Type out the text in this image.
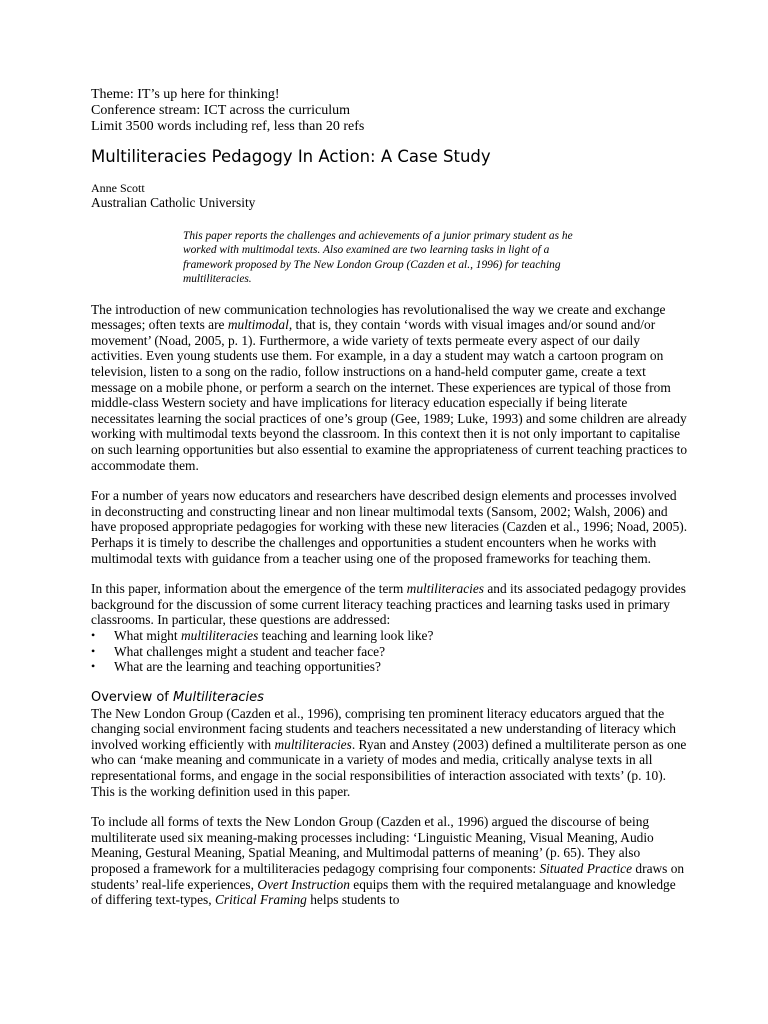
Theme: IT’s up here for thinking!
Conference stream: ICT across the curriculum
Limit 3500 words including ref, less than 20 refs
Multiliteracies Pedagogy In Action: A Case Study
Anne Scott
Australian Catholic University
This paper reports the challenges and achievements of a junior primary student as he worked with multimodal texts. Also examined are two learning tasks in light of a framework proposed by The New London Group (Cazden et al., 1996) for teaching multiliteracies.

The introduction of new communication technologies has revolutionalised the way we create and exchange messages; often texts are multimodal, that is, they contain ‘words with visual images and/or sound and/or movement’ (Noad, 2005, p. 1). Furthermore, a wide variety of texts permeate every aspect of our daily activities. Even young students use them. For example, in a day a student may watch a cartoon program on television, listen to a song on the radio, follow instructions on a hand-held computer game, create a text message on a mobile phone, or perform a search on the internet. These experiences are typical of those from middle-class Western society and have implications for literacy education especially if being literate necessitates learning the social practices of one’s group (Gee, 1989; Luke, 1993) and some children are already working with multimodal texts beyond the classroom. In this context then it is not only important to capitalise on such learning opportunities but also essential to examine the appropriateness of current teaching practices to accommodate them.

For a number of years now educators and researchers have described design elements and processes involved in deconstructing and constructing linear and non linear multimodal texts (Sansom, 2002; Walsh, 2006) and have proposed appropriate pedagogies for working with these new literacies (Cazden et al., 1996; Noad, 2005). Perhaps it is timely to describe the challenges and opportunities a student encounters when he works with multimodal texts with guidance from a teacher using one of the proposed frameworks for teaching them.

In this paper, information about the emergence of the term multiliteracies and its associated pedagogy provides background for the discussion of some current literacy teaching practices and learning tasks used in primary classrooms. In particular, these questions are addressed:

• What might multiliteracies teaching and learning look like?
• What challenges might a student and teacher face?
• What are the learning and teaching opportunities?
Overview of Multiliteracies

The New London Group (Cazden et al., 1996), comprising ten prominent literacy educators argued that the changing social environment facing students and teachers necessitated a new understanding of literacy which involved working efficiently with multiliteracies. Ryan and Anstey (2003) defined a multiliterate person as one who can ‘make meaning and communicate in a variety of modes and media, critically analyse texts in all representational forms, and engage in the social responsibilities of interaction associated with texts’ (p. 10). This is the working definition used in this paper.

To include all forms of texts the New London Group (Cazden et al., 1996) argued the discourse of being multiliterate used six meaning-making processes including: ‘Linguistic Meaning, Visual Meaning, Audio Meaning, Gestural Meaning, Spatial Meaning, and Multimodal patterns of meaning’ (p. 65). They also proposed a framework for a multiliteracies pedagogy comprising four components: Situated Practice draws on students’ real-life experiences, Overt Instruction equips them with the required metalanguage and knowledge of differing text-types, Critical Framing helps students to
